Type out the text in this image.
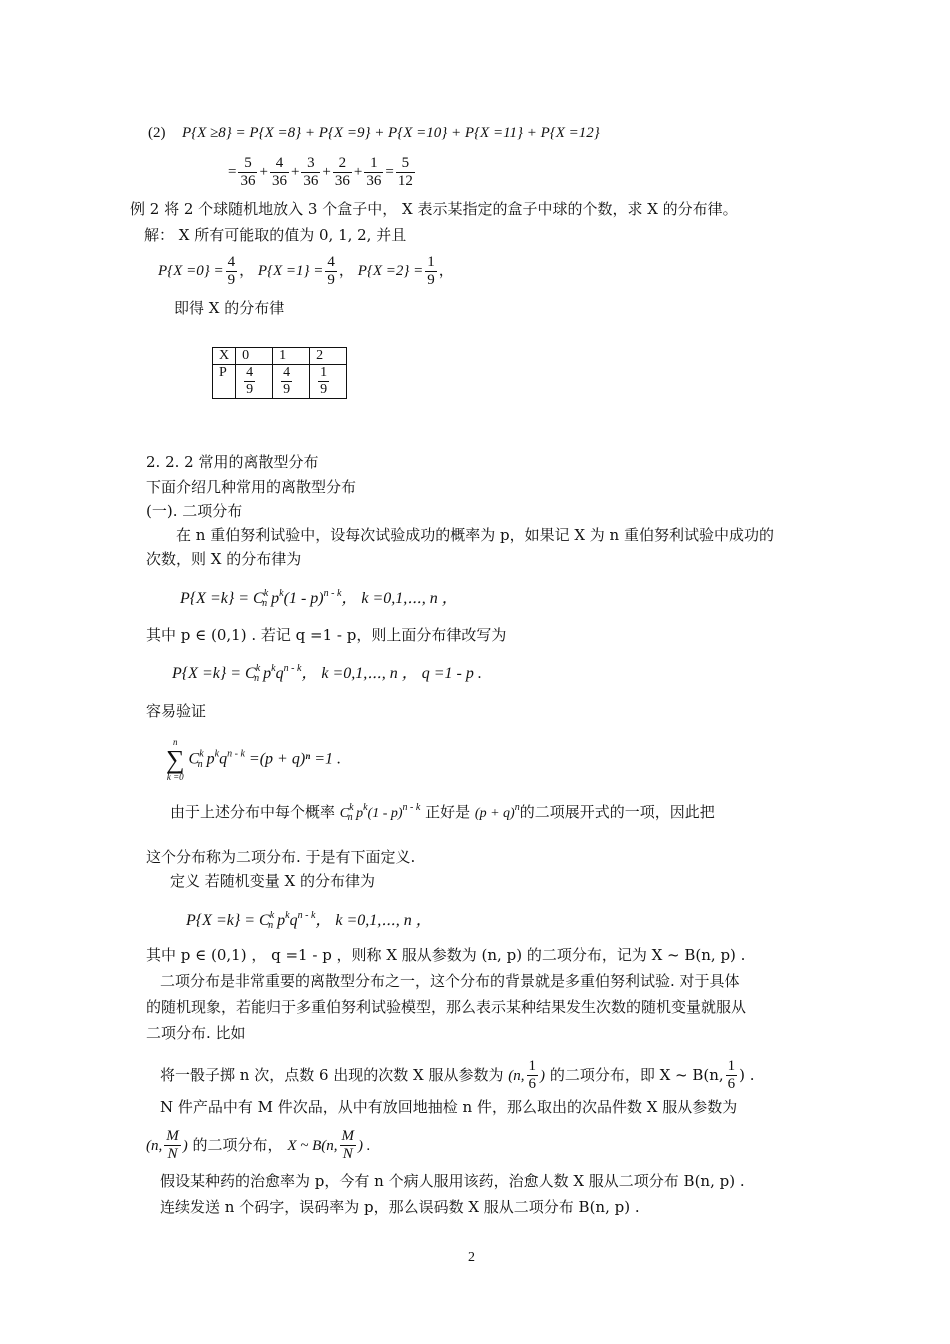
(2) P{X ≥8} = P{X =8} + P{X =9} + P{X =10} + P{X =11} + P{X =12}
= $\frac{5}{36} + \frac{4}{36} + \frac{3}{36} + \frac{2}{36} + \frac{1}{36} = \frac{5}{12}$
例 2 将 2 个球随机地放入 3 个盒子中， X 表示某指定的盒子中球的个数，求 X 的分布律。
解： X 所有可能取的值为 0, 1, 2, 并且
$P\{X =0\} = \frac{4}{9}$ ， $P\{X =1\} = \frac{4}{9}$ ， $P\{X =2\} = \frac{1}{9}$ ，
即得 X 的分布律
X	0	1	2
P	$\frac{4}{9}$	$\frac{4}{9}$	$\frac{1}{9}$
2. 2. 2 常用的离散型分布
下面介绍几种常用的离散型分布
(一). 二项分布
在 n 重伯努利试验中，设每次试验成功的概率为 p，如果记 X 为 n 重伯努利试验中成功的
次数，则 X 的分布律为
$P\{X =k\} = C^k_n$ $p^k(1 - p)^{n - k}$， k =0,1,⋯, n ，
其中 p ∈ (0,1) . 若记 q =1 - p，则上面分布律改写为
$P\{X =k\} = C^k_n$ $p^kq^{n - k}$， k =0,1,⋯, n ， q =1 - p .
容易验证
n
∑
k =0
$C^k_n$ $p^kq^{n - k} =(p + q)^n =1$ .
由于上述分布中每个概率 $C^k_n$ $p^k(1 - p)^{n - k}$ 正好是 $(p + q)^n$的二项展开式的一项，因此把
这个分布称为二项分布. 于是有下面定义.
定义 若随机变量 X 的分布律为
$P\{X =k\} = C^k_n$ $p^kq^{n - k}$， k =0,1,⋯, n ，
其中 p ∈ (0,1) ， q =1 - p ，则称 X 服从参数为 (n, p) 的二项分布，记为 X ~ B(n, p) .
二项分布是非常重要的离散型分布之一，这个分布的背景就是多重伯努利试验. 对于具体
的随机现象，若能归于多重伯努利试验模型，那么表示某种结果发生次数的随机变量就服从
二项分布. 比如
将一骰子掷 n 次，点数 6 出现的次数 X 服从参数为 (n, $\frac{1}{6}$ ) 的二项分布，即 X ~ B(n, $\frac{1}{6}$ ) .
N 件产品中有 M 件次品，从中有放回地抽检 n 件，那么取出的次品件数 X 服从参数为
(n, $\frac{M}{N}$ ) 的二项分布， X ~ B(n, $\frac{M}{N}$ ) .
假设某种药的治愈率为 p，今有 n 个病人服用该药，治愈人数 X 服从二项分布 B(n, p) .
连续发送 n 个码字，误码率为 p，那么误码数 X 服从二项分布 B(n, p) .
2
